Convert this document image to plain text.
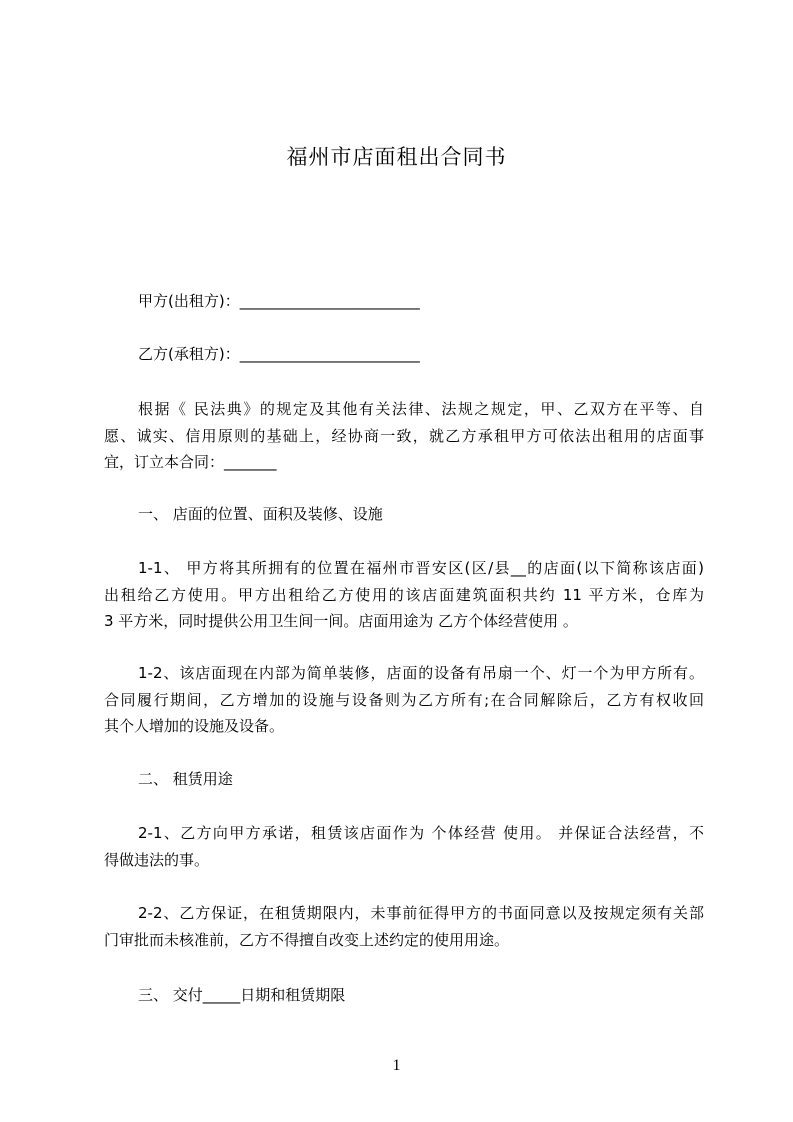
福州市店面租出合同书
甲方(出租方)：________________________
乙方(承租方)：________________________
根据《 民法典》的规定及其他有关法律、法规之规定，甲、乙双方在平等、自
愿、诚实、信用原则的基础上，经协商一致，就乙方承租甲方可依法出租用的店面事
宜，订立本合同：_______
一、 店面的位置、面积及装修、设施
1-1、 甲方将其所拥有的位置在福州市晋安区(区/县__的店面(以下简称该店面)
出租给乙方使用。甲方出租给乙方使用的该店面建筑面积共约 11 平方米，仓库为
3 平方米，同时提供公用卫生间一间。店面用途为 乙方个体经营使用 。
1-2、该店面现在内部为简单装修，店面的设备有吊扇一个、灯一个为甲方所有。
合同履行期间，乙方增加的设施与设备则为乙方所有;在合同解除后，乙方有权收回
其个人增加的设施及设备。
二、 租赁用途
2-1、乙方向甲方承诺，租赁该店面作为 个体经营 使用。 并保证合法经营，不
得做违法的事。
2-2、乙方保证，在租赁期限内，未事前征得甲方的书面同意以及按规定须有关部
门审批而未核准前，乙方不得擅自改变上述约定的使用用途。
三、 交付_____日期和租赁期限
1
